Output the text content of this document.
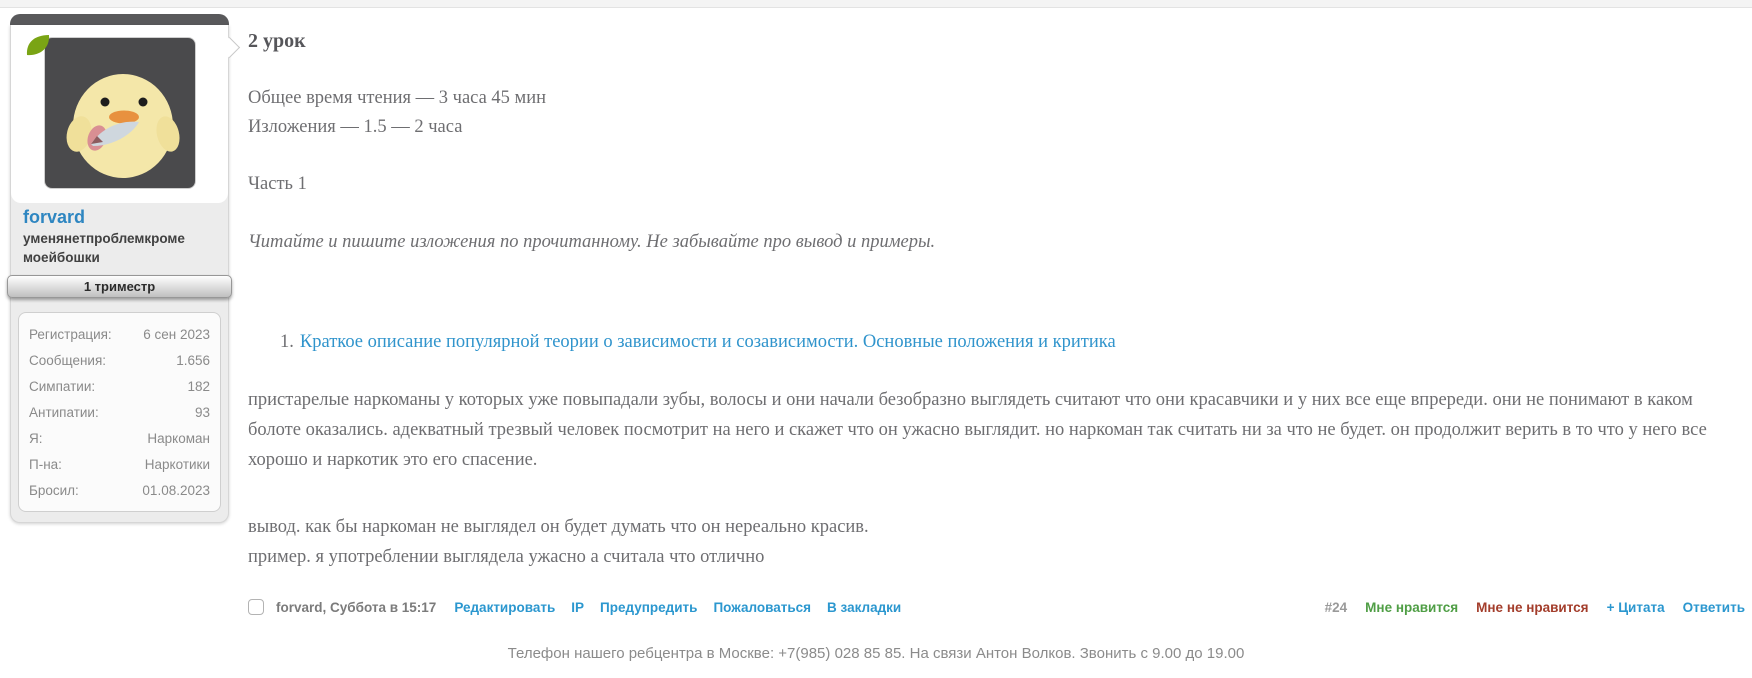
forvard
уменянетпроблемкроме моейбошки
1 триместр
Регистрация: 6 сен 2023
Сообщения:	1.656
Симпатии:	182
Антипатии:	93
Я:	Наркоман
П-на:	Наркотики
Бросил:	01.08.2023
2 урок
Общее время чтения — 3 часа 45 мин
Изложения — 1.5 — 2 часа
Часть 1
Читайте и пишите изложения по прочитанному. Не забывайте про вывод и примеры.
1. Краткое описание популярной теории о зависимости и созависимости. Основные положения и критика
пристарелые наркоманы у которых уже повыпадали зубы, волосы и они начали безобразно выглядеть считают что они красавчики и у них все еще впререди. они не понимают в каком болоте оказались. адекватный трезвый человек посмотрит на него и скажет что он ужасно выглядит. но наркоман так считать ни за что не будет. он продолжит верить в то что у него все хорошо и наркотик это его спасение.
вывод. как бы наркоман не выглядел он будет думать что он нереально красив.
пример. я употреблении выглядела ужасно а считала что отлично
forvard, Суббота в 15:17 Редактировать IP Предупредить Пожаловаться В закладки	#24 Мне нравится Мне не нравится + Цитата Ответить
Телефон нашего ребцентра в Москве: +7(985) 028 85 85. На связи Антон Волков. Звонить с 9.00 до 19.00
